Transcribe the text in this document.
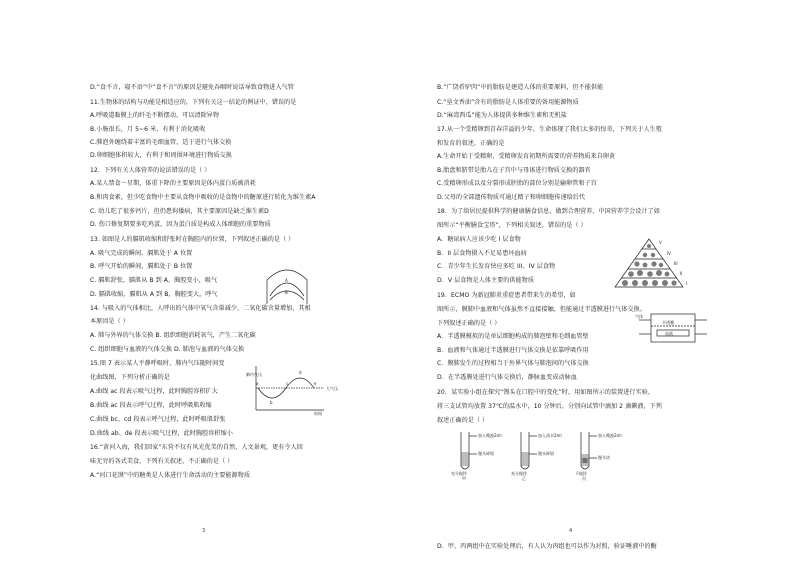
D.“食不言，寝不语”中“食不言”的原因是避免吞咽时说话导致食物进入气管
11.生物体的结构与功能是相适应的，下列有关这一结论的例证中，错误的是
A.呼吸道黏膜上的纤毛不断摆动，可以清除异物
B.小肠很长，月 5~6 米，有利于消化吸收
C.肺泡外缠绕着丰富的毛细血管，适于进行气体交换
D.卵细胞体积较大，有利于和周围环境进行物质交换
12．下列有关人体营养的说法错误的是（ ）
A.某人禁食一星期，体重下降的主要原因是体内蛋白质被消耗
B.和肉食素，但少吃食物中主要从食物中吸收的是食物中的糖原进行转化为维生素A
C. 幼儿吃了很多钙片，但仍患佝偻病，其主要原因是缺乏维生素D
D. 伤口修复期要多吃鸡蛋，因为蛋白质是构成人体细胞的重要物质
13. 如图是人的膈肌收缩和舒张时在胸腔内的位置，下列叙述正确的是（ ）
A. 吸气完成的瞬间，膈肌处于 A 位置
B. 呼气开始的瞬间，膈肌处于 B 位置
C. 膈肌舒张，膈肌从 B 到 A，胸腔变小，吸气
D. 膈肌收缩，膈肌从 A 到 B，胸腔变大，呼气
14. 与吸入的气体相比，人呼出的气体中氧气含量减少，二氧化碳含量增加，其根
本原因是（ ）
A. 肺与外界的气体交换 B. 组织细胞消耗氧气，产生二氧化碳
C. 组织细胞与血液的气体交换 D. 肺泡与血液的气体交换
15.图 7 表示某人平静呼吸时，肺内气压随时间变
化曲线图，下列分析正确的是
A.曲线 ac 段表示吸气过程，此时胸腔容积扩大
B.曲线 ac 段表示呼气过程，此时呼吸肌收缩
C.曲线 bc、cd 段表示呼气过程，此时呼吸肌舒张
D.曲线 ab、de 段表示吸气过程，此时胸腔容积缩小
16.“黄河入海，我们回家”东营不仅有风光优美的自然、人文景观，更有令人回
味无穷的各式美食，下列有关叙述，不正确的是（ ）
A.“河口花馍”中的糖类是人体进行生命活动的主要能源物质
A
B
肺内气压
大气压
时间
a
b
c
d
e
3
B.“广饶肴驴肉”中的脂肪是建造人体的重要原料，但不能供能
C.“垦文香油”含有的脂肪是人体重要的备用能源物质
D.“麻湾西瓜”能为人体提供多种维生素和无机盐
17.从一个受精卵到青春洋溢的少年，生命体现了我们太多的惊奇，下列关于人生殖
和发育的叙述，正确的是
A.生命开始于受精卵，受精卵发育初期所需要的营养物质来自卵黄
B.胎盘和脐带是胎儿在子宫中与母体进行物质交换的器官
C.受精卵形成以及分裂形成胚胎的部位分别是输卵管和子宫
D.父母的全部遗传物质可通过精子和卵细胞传递给后代
18．为了给居民提供科学的健康膳食信息，做到合理营养，中国营养学会设计了如
图所示“平衡膳食宝塔”，下列相关叙述，错误的是（ ）
A．糖尿病人应该少吃 I 层食物
B．II 层食物摄入不足易患坏血病
C．青少年生长发育快应多吃 III、IV 层食物
D．V 层食物是人体主要的供能物质
19．ECMO 为新冠肺炎重症患者带来生的希望，如
图所示，膜肺中血液和气体虽然不直接接触，但能通过半透膜进行气体交换。
下列叙述正确的是（ ）
A．半透膜模拟的是单层细胞构成的肺泡壁和毛细血管壁
B．血液和气体通过半透膜进行气体交换是依靠呼吸作用
C．膜肺发生的过程相当于外界气体与肺泡间的气体交换
D．在半透膜处进行气体交换后，静脉血变成动脉血
20．某实验小组在探究“馒头在口腔中的变化”时，用如图所示的装置进行实验，
将三支试管均放置 37℃的温水中，10 分钟后，分别向试管中滴加 2 滴碘液，下列
叙述正确的是（ ）
D．甲、丙两组中在实验处理后，有人认为丙组也可以作为对照，验证唾液中的酶
V
IV
III
II
I
气体
半透膜
血液
加入唾液2ml
馒头碎屑
充分搅拌
甲
加入清水2ml
馒头碎屑
充分搅拌
乙
加入唾液2ml
馒头块
不搅拌
丙
4
